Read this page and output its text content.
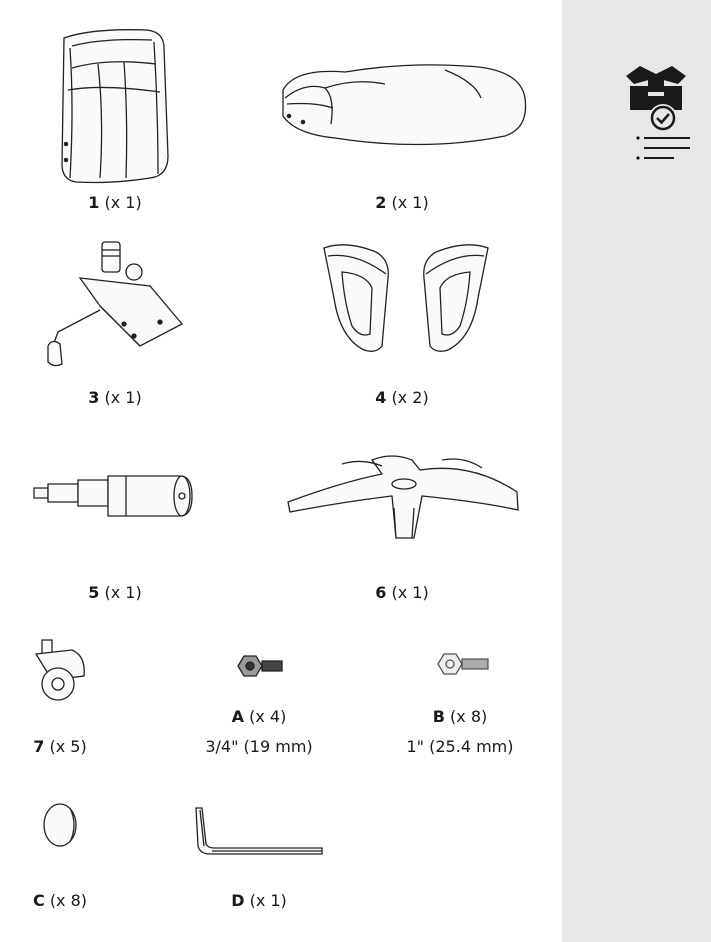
1 (x 1)	2 (x 1)
3 (x 1)	4 (x 2)
5 (x 1)	6 (x 1)
7 (x 5)
A (x 4)
3/4" (19 mm)
B (x 8)
1" (25.4 mm)
C (x 8)	D (x 1)
